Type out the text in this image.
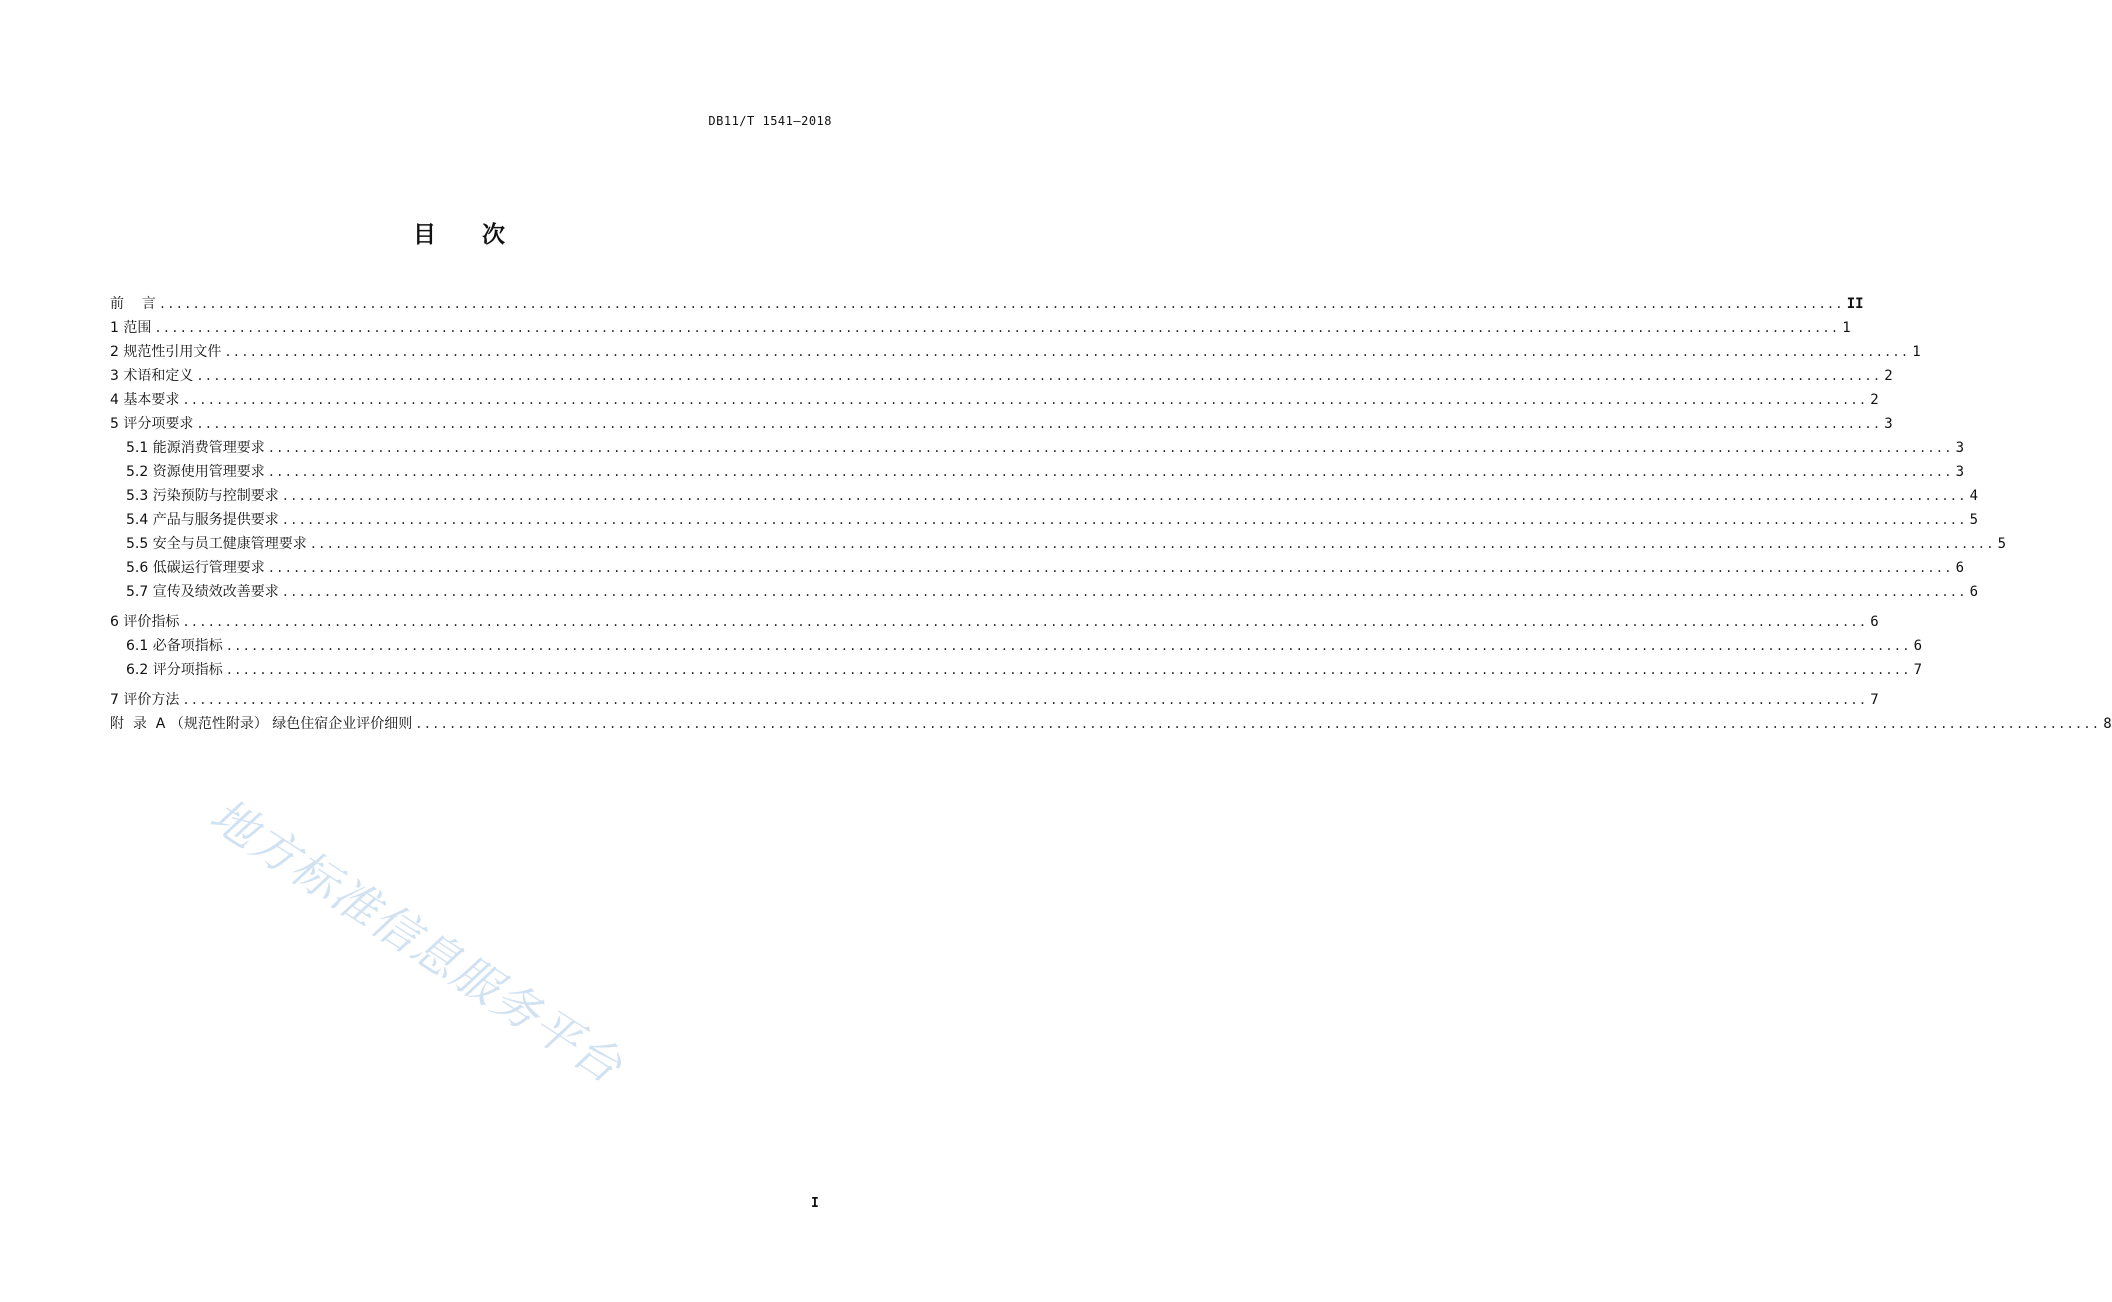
DB11/T 1541—2018
目 次
前    言 ........................................................................................................................................................................................................ II
1 范围 ........................................................................................................................................................................................................ 1
2 规范性引用文件 ........................................................................................................................................................................................................ 1
3 术语和定义 ........................................................................................................................................................................................................ 2
4 基本要求 ........................................................................................................................................................................................................ 2
5 评分项要求 ........................................................................................................................................................................................................ 3
5.1 能源消费管理要求 ........................................................................................................................................................................................................ 3
5.2 资源使用管理要求 ........................................................................................................................................................................................................ 3
5.3 污染预防与控制要求 ........................................................................................................................................................................................................ 4
5.4 产品与服务提供要求 ........................................................................................................................................................................................................ 5
5.5 安全与员工健康管理要求 ........................................................................................................................................................................................................ 5
5.6 低碳运行管理要求 ........................................................................................................................................................................................................ 6
5.7 宣传及绩效改善要求 ........................................................................................................................................................................................................ 6
6 评价指标 ........................................................................................................................................................................................................ 6
6.1 必备项指标 ........................................................................................................................................................................................................ 6
6.2 评分项指标 ........................................................................................................................................................................................................ 7
7 评价方法 ........................................................................................................................................................................................................ 7
附  录  A （规范性附录） 绿色住宿企业评价细则 ........................................................................................................................................................................................................ 8
地方标准信息服务平台
I
